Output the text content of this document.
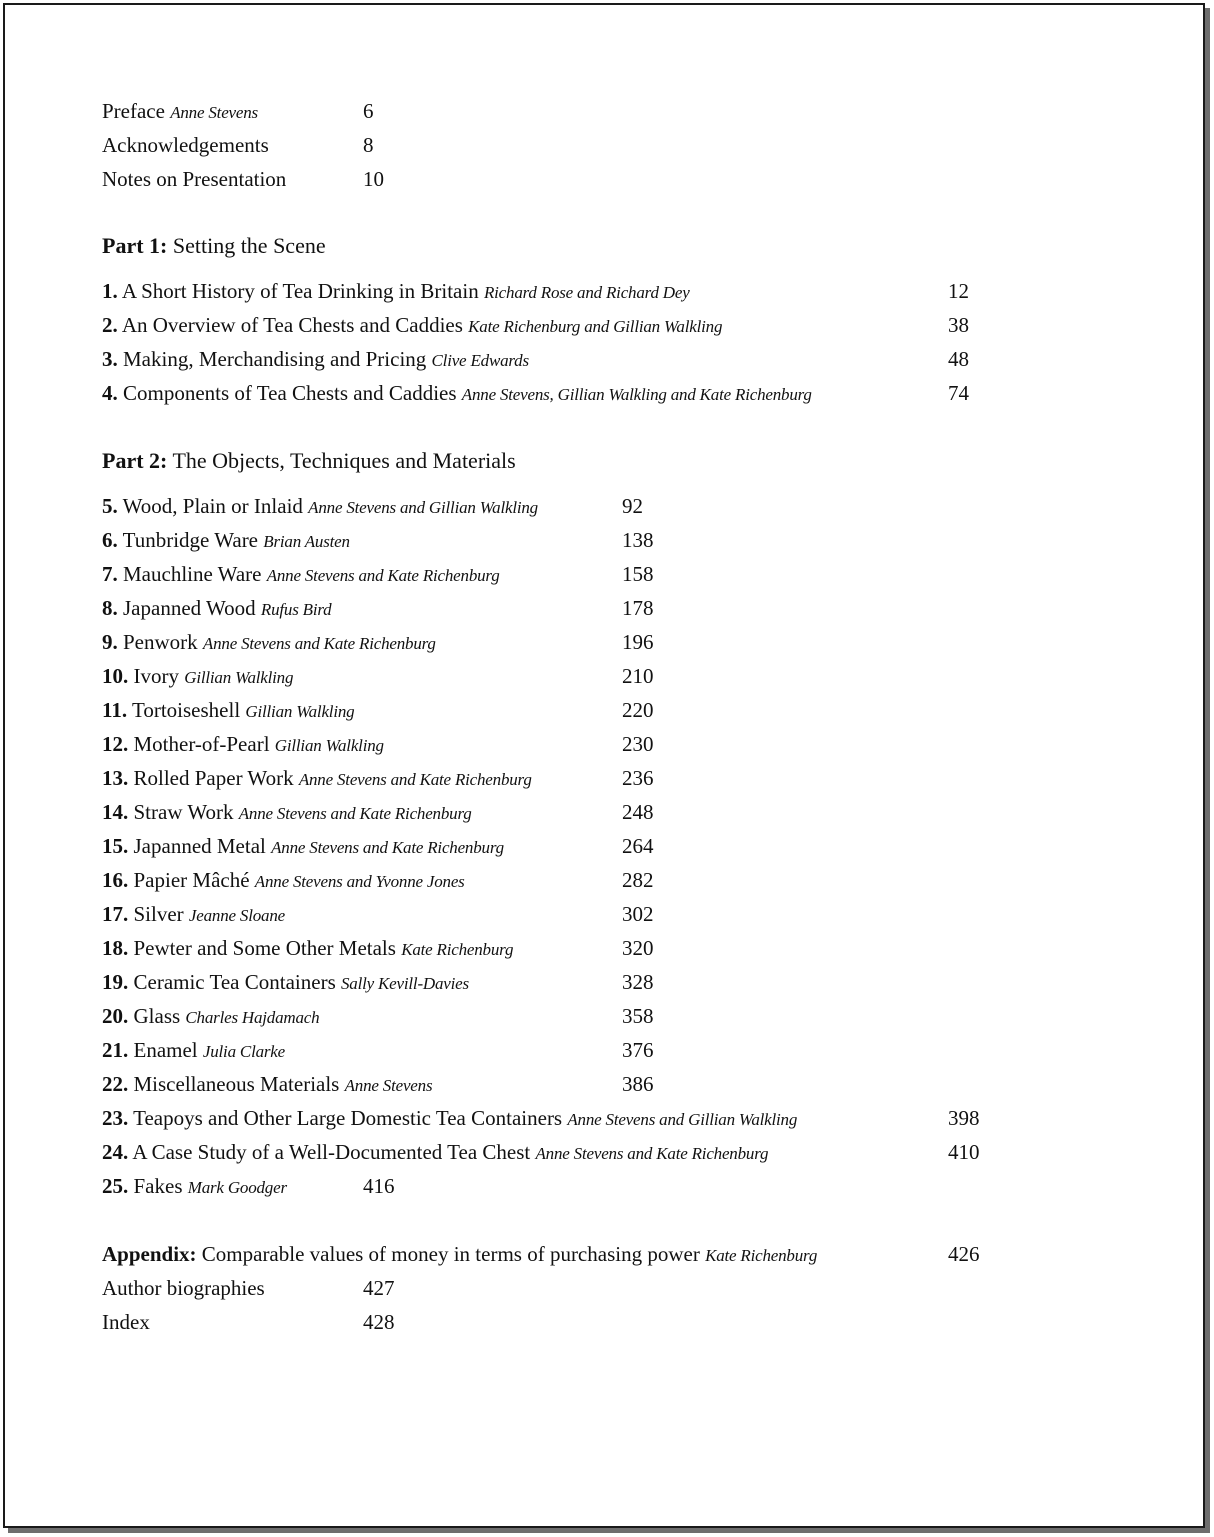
Preface Anne Stevens	6
Acknowledgements	8
Notes on Presentation	10
Part 1: Setting the Scene
1. A Short History of Tea Drinking in Britain Richard Rose and Richard Dey	12
2. An Overview of Tea Chests and Caddies Kate Richenburg and Gillian Walkling	38
3. Making, Merchandising and Pricing Clive Edwards	48
4. Components of Tea Chests and Caddies Anne Stevens, Gillian Walkling and Kate Richenburg	74
Part 2: The Objects, Techniques and Materials
5. Wood, Plain or Inlaid Anne Stevens and Gillian Walkling	92
6. Tunbridge Ware Brian Austen	138
7. Mauchline Ware Anne Stevens and Kate Richenburg	158
8. Japanned Wood Rufus Bird	178
9. Penwork Anne Stevens and Kate Richenburg	196
10. Ivory Gillian Walkling	210
11. Tortoiseshell Gillian Walkling	220
12. Mother-of-Pearl Gillian Walkling	230
13. Rolled Paper Work Anne Stevens and Kate Richenburg	236
14. Straw Work Anne Stevens and Kate Richenburg	248
15. Japanned Metal Anne Stevens and Kate Richenburg	264
16. Papier Mâché Anne Stevens and Yvonne Jones	282
17. Silver Jeanne Sloane	302
18. Pewter and Some Other Metals Kate Richenburg	320
19. Ceramic Tea Containers Sally Kevill-Davies	328
20. Glass Charles Hajdamach	358
21. Enamel Julia Clarke	376
22. Miscellaneous Materials Anne Stevens	386
23. Teapoys and Other Large Domestic Tea Containers Anne Stevens and Gillian Walkling	398
24. A Case Study of a Well-Documented Tea Chest Anne Stevens and Kate Richenburg	410
25. Fakes Mark Goodger	416
Appendix: Comparable values of money in terms of purchasing power Kate Richenburg	426
Author biographies	427
Index	428
